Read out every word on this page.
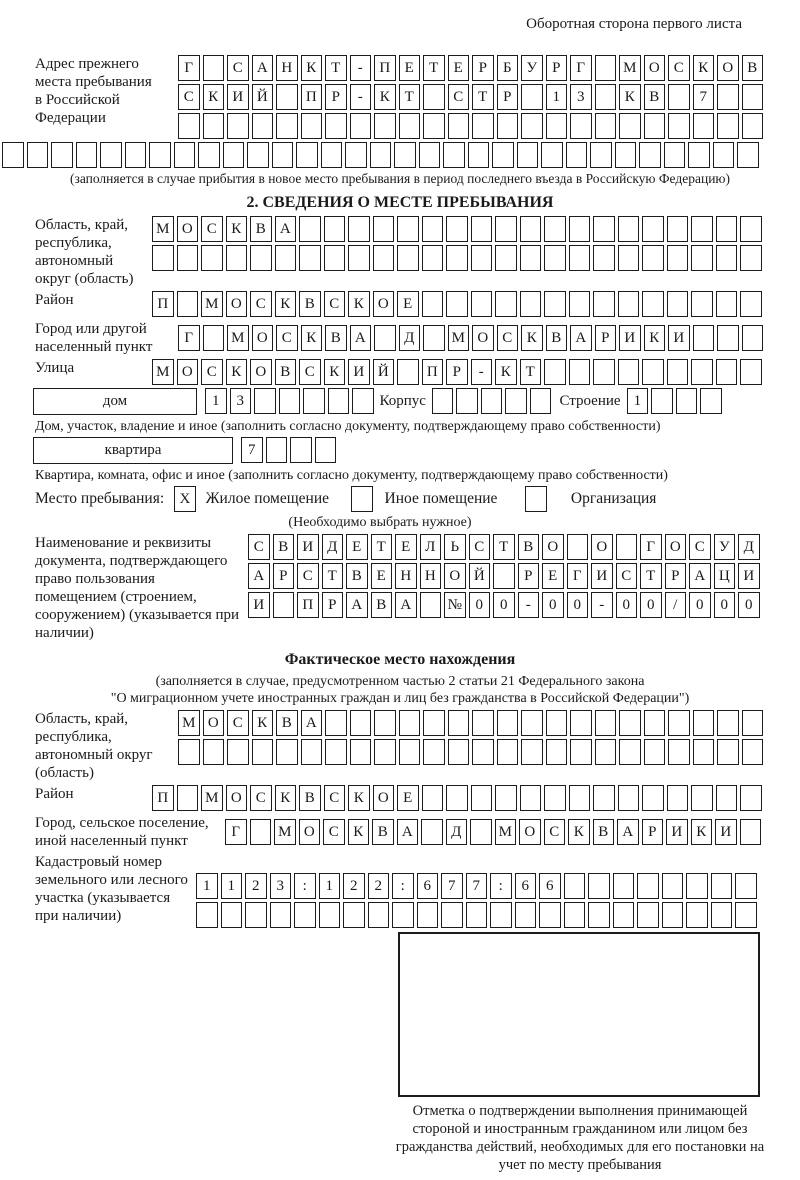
Оборотная сторона первого листа
Адрес прежнего места пребывания в Российской Федерации
Г	С А Н К Т	-	П Е	Т	Е	Р	Б У	Р	Г	М О С К О В
С К И Й	П Р	-	К Т	С Т	Р	1	3	К В	7
(заполняется в случае прибытия в новое место пребывания в период последнего въезда в Российскую Федерацию)
2. СВЕДЕНИЯ О МЕСТЕ ПРЕБЫВАНИЯ
Область, край, республика, автономный округ (область)
М О С К В А
Район	П	М О С К В С К О Е
Город или другой населенный пункт
Г	М О С К В А	Д	М О С К В А Р И К И
Улица	М О С К О В С К И Й	П Р	-	К Т
дом	1	3	Корпус	Строение 1
Дом, участок, владение и иное (заполнить согласно документу, подтверждающему право собственности)
квартира	7
Квартира, комната, офис и иное (заполнить согласно документу, подтверждающему право собственности)
Место пребывания:	X Жилое помещение	Иное помещение	Организация
(Необходимо выбрать нужное)
Наименование и реквизиты документа, подтверждающего право пользования помещением (строением, сооружением) (указывается при наличии)
С В И Д Е	Т	Е Л	Ь	С Т В О	О	Г О С У Д
А Р	С Т В Е Н Н О Й	Р	Е	Г И С Т	Р А Ц И
И	П Р А В А	№ 0	0	-	0	0	-	0	0	/	0	0	0
Фактическое место нахождения
(заполняется в случае, предусмотренном частью 2 статьи 21 Федерального закона
"О миграционном учете иностранных граждан и лиц без гражданства в Российской Федерации")
Область, край, республика, автономный округ (область)
М О С К В А
Район	П	М О С К В С К О Е
Город, сельское поселение, иной населенный пункт
Г	М О С К В А	Д	М О С К В А Р И К И
Кадастровый номер земельного или лесного участка (указывается при наличии)
1	1	2	3	:	1	2	2	:	6	7	7	:	6	6
Отметка о подтверждении выполнения принимающей стороной и иностранным гражданином или лицом без гражданства действий, необходимых для его постановки на учет по месту пребывания
